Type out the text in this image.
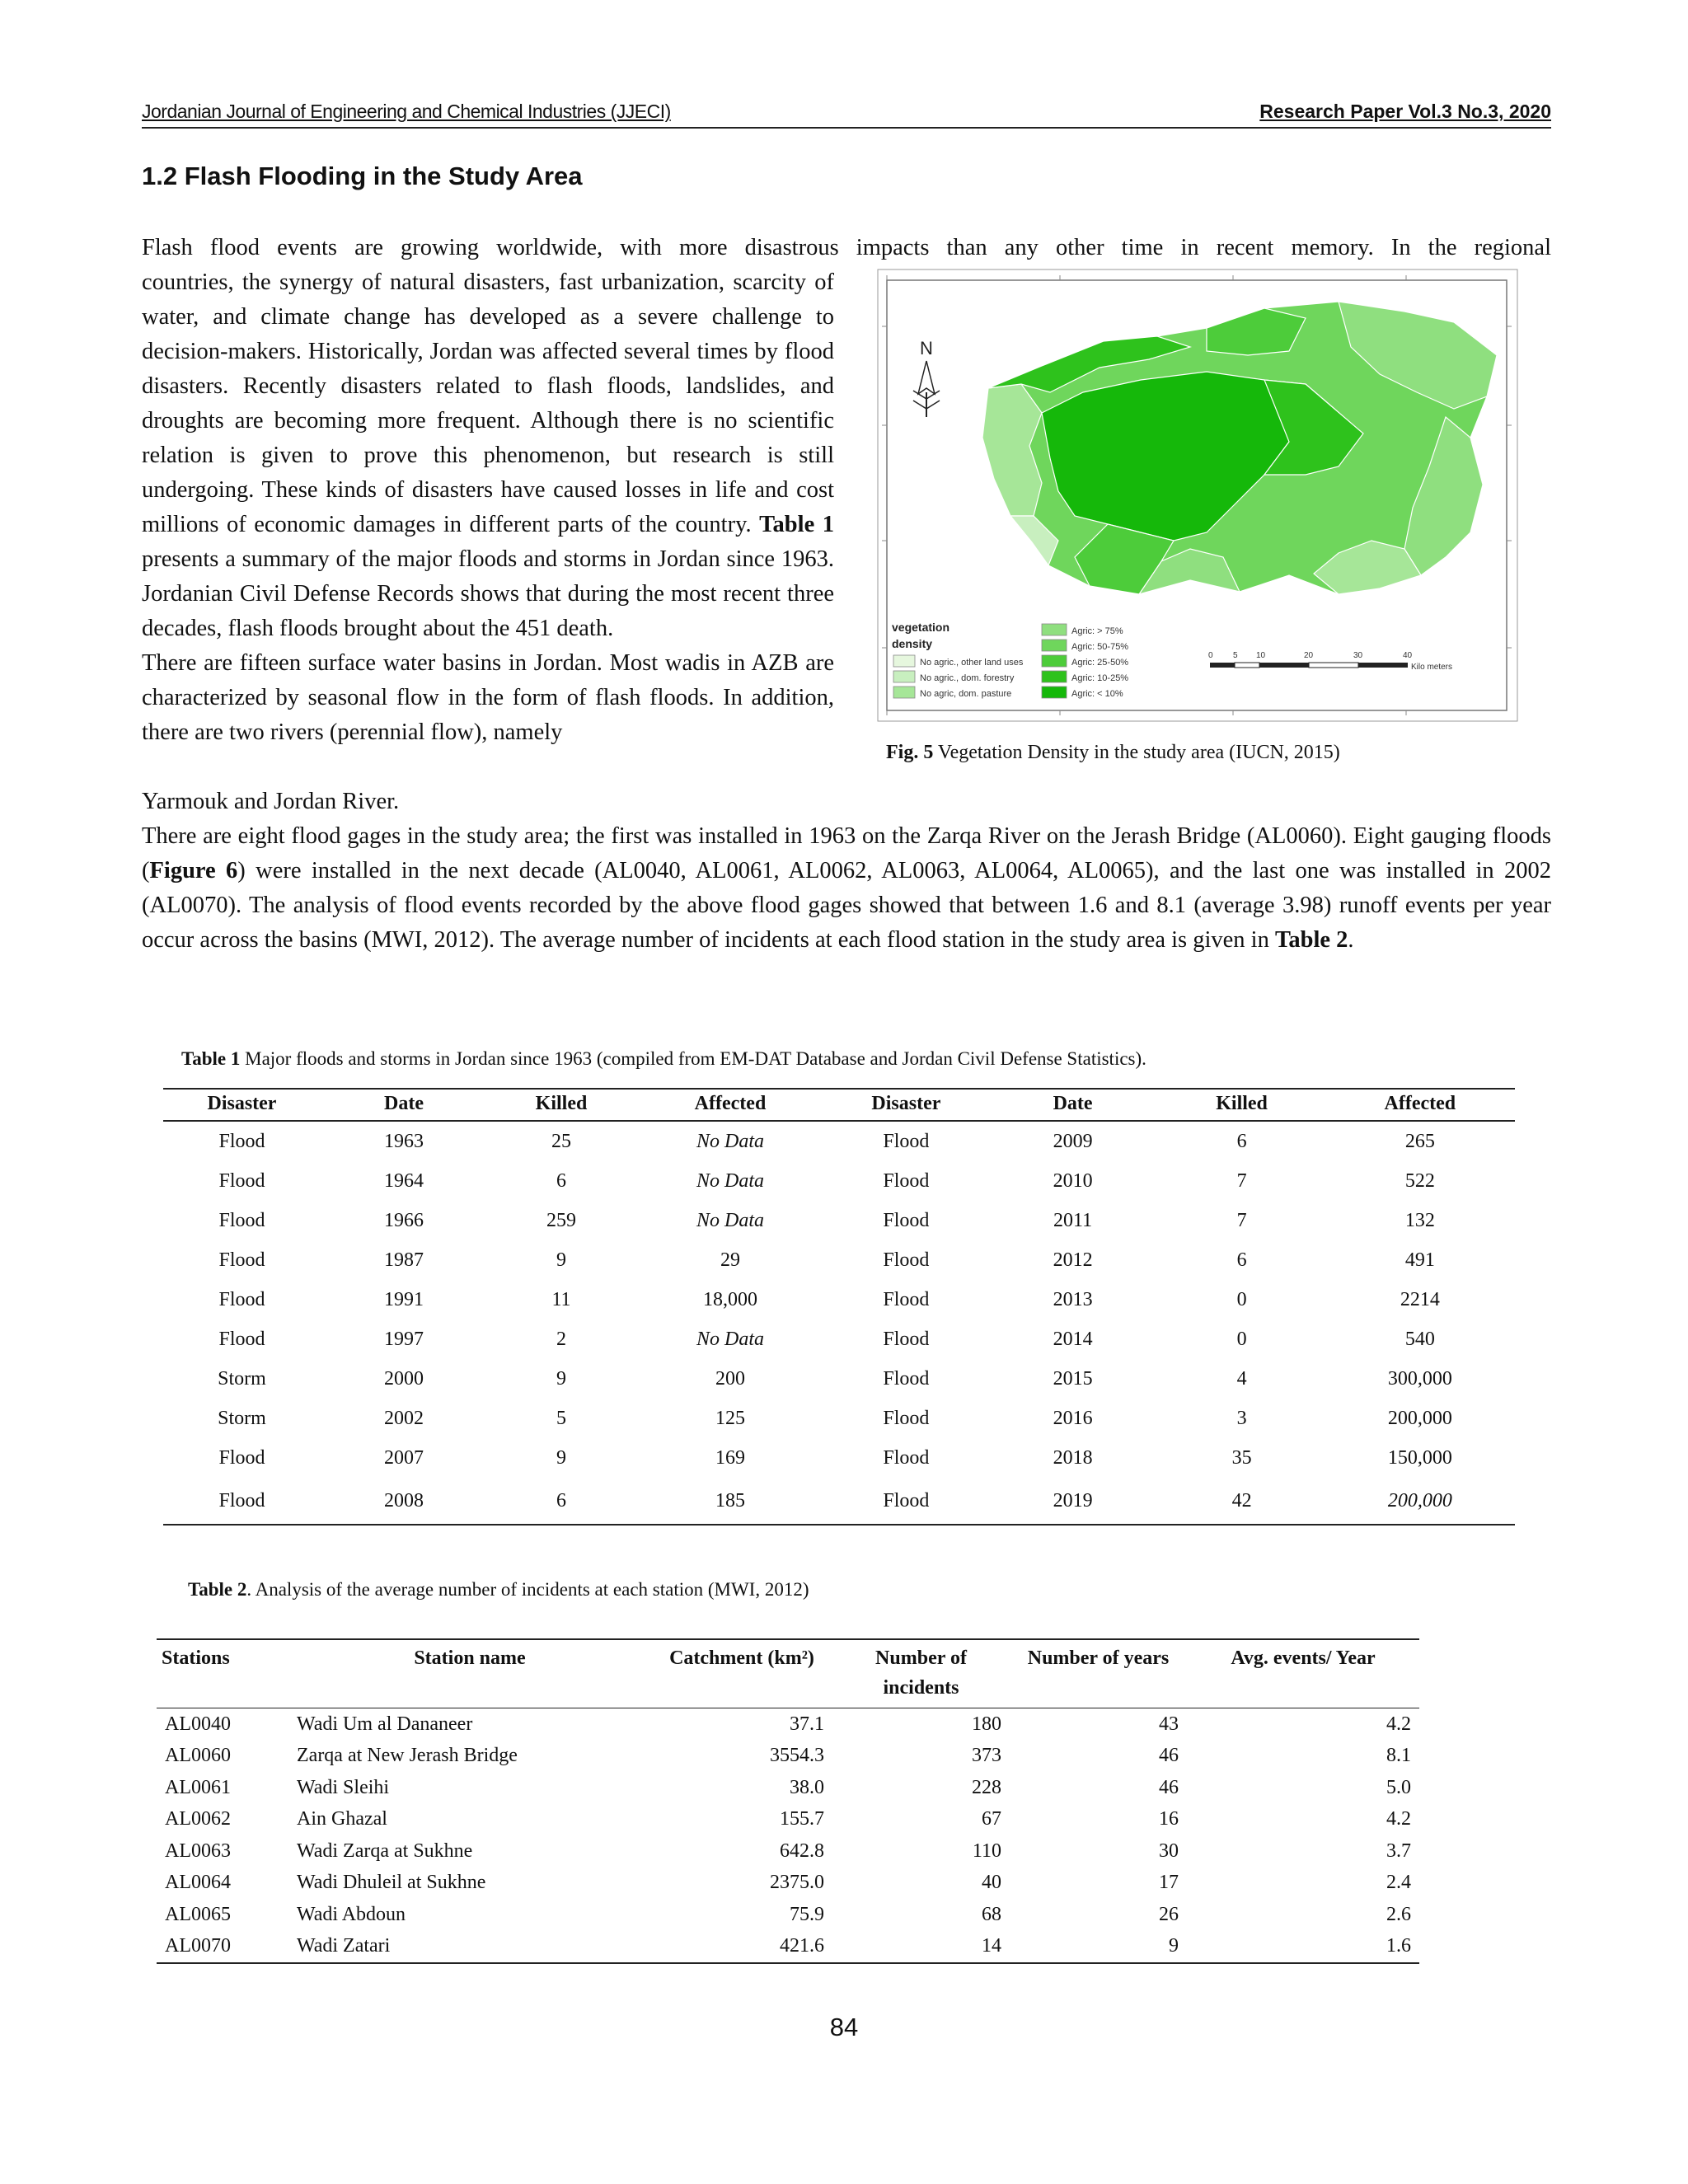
Jordanian Journal of Engineering and Chemical Industries (JJECI)	Research Paper Vol.3 No.3, 2020
1.2 Flash Flooding in the Study Area
Flash flood events are growing worldwide, with more disastrous impacts than any other time in recent memory. In the regional
countries, the synergy of natural disasters, fast urbanization, scarcity of water, and climate change has developed as a severe challenge to decision-makers. Historically, Jordan was affected several times by flood disasters. Recently disasters related to flash floods, landslides, and droughts are becoming more frequent. Although there is no scientific relation is given to prove this phenomenon, but research is still undergoing. These kinds of disasters have caused losses in life and cost millions of economic damages in different parts of the country. Table 1 presents a summary of the major floods and storms in Jordan since 1963. Jordanian Civil Defense Records shows that during the most recent three decades, flash floods brought about the 451 death.
There are fifteen surface water basins in Jordan. Most wadis in AZB are characterized by seasonal flow in the form of flash floods. In addition, there are two rivers (perennial flow), namely
Yarmouk and Jordan River.
There are eight flood gages in the study area; the first was installed in 1963 on the Zarqa River on the Jerash Bridge (AL0060). Eight gauging floods (Figure 6) were installed in the next decade (AL0040, AL0061, AL0062, AL0063, AL0064, AL0065), and the last one was installed in 2002 (AL0070). The analysis of flood events recorded by the above flood gages showed that between 1.6 and 8.1 (average 3.98) runoff events per year occur across the basins (MWI, 2012). The average number of incidents at each flood station in the study area is given in Table 2.
N
vegetation
density
No agric., other land uses
No agric., dom. forestry
No agric, dom. pasture
Agric: > 75%
Agric: 50-75%
Agric: 25-50%
Agric: 10-25%
Agric: < 10%
0 5 10	20	30	40
Kilo meters
Fig. 5 Vegetation Density in the study area (IUCN, 2015)
Table 1 Major floods and storms in Jordan since 1963 (compiled from EM-DAT Database and Jordan Civil Defense Statistics).
Disaster	Date	Killed	Affected	Disaster	Date	Killed	Affected
Flood	1963	25	No Data	Flood	2009	6	265
Flood	1964	6	No Data	Flood	2010	7	522
Flood	1966	259	No Data	Flood	2011	7	132
Flood	1987	9	29	Flood	2012	6	491
Flood	1991	11	18,000	Flood	2013	0	2214
Flood	1997	2	No Data	Flood	2014	0	540
Storm	2000	9	200	Flood	2015	4	300,000
Storm	2002	5	125	Flood	2016	3	200,000
Flood	2007	9	169	Flood	2018	35	150,000
Flood	2008	6	185	Flood	2019	42	200,000
Table 2. Analysis of the average number of incidents at each station (MWI, 2012)
Stations	Station name	Catchment (km²)	Number of incidents	Number of years	Avg. events/ Year
AL0040	Wadi Um al Dananeer	37.1	180	43	4.2
AL0060	Zarqa at New Jerash Bridge	3554.3	373	46	8.1
AL0061	Wadi Sleihi	38.0	228	46	5.0
AL0062	Ain Ghazal	155.7	67	16	4.2
AL0063	Wadi Zarqa at Sukhne	642.8	110	30	3.7
AL0064	Wadi Dhuleil at Sukhne	2375.0	40	17	2.4
AL0065	Wadi Abdoun	75.9	68	26	2.6
AL0070	Wadi Zatari	421.6	14	9	1.6
84
